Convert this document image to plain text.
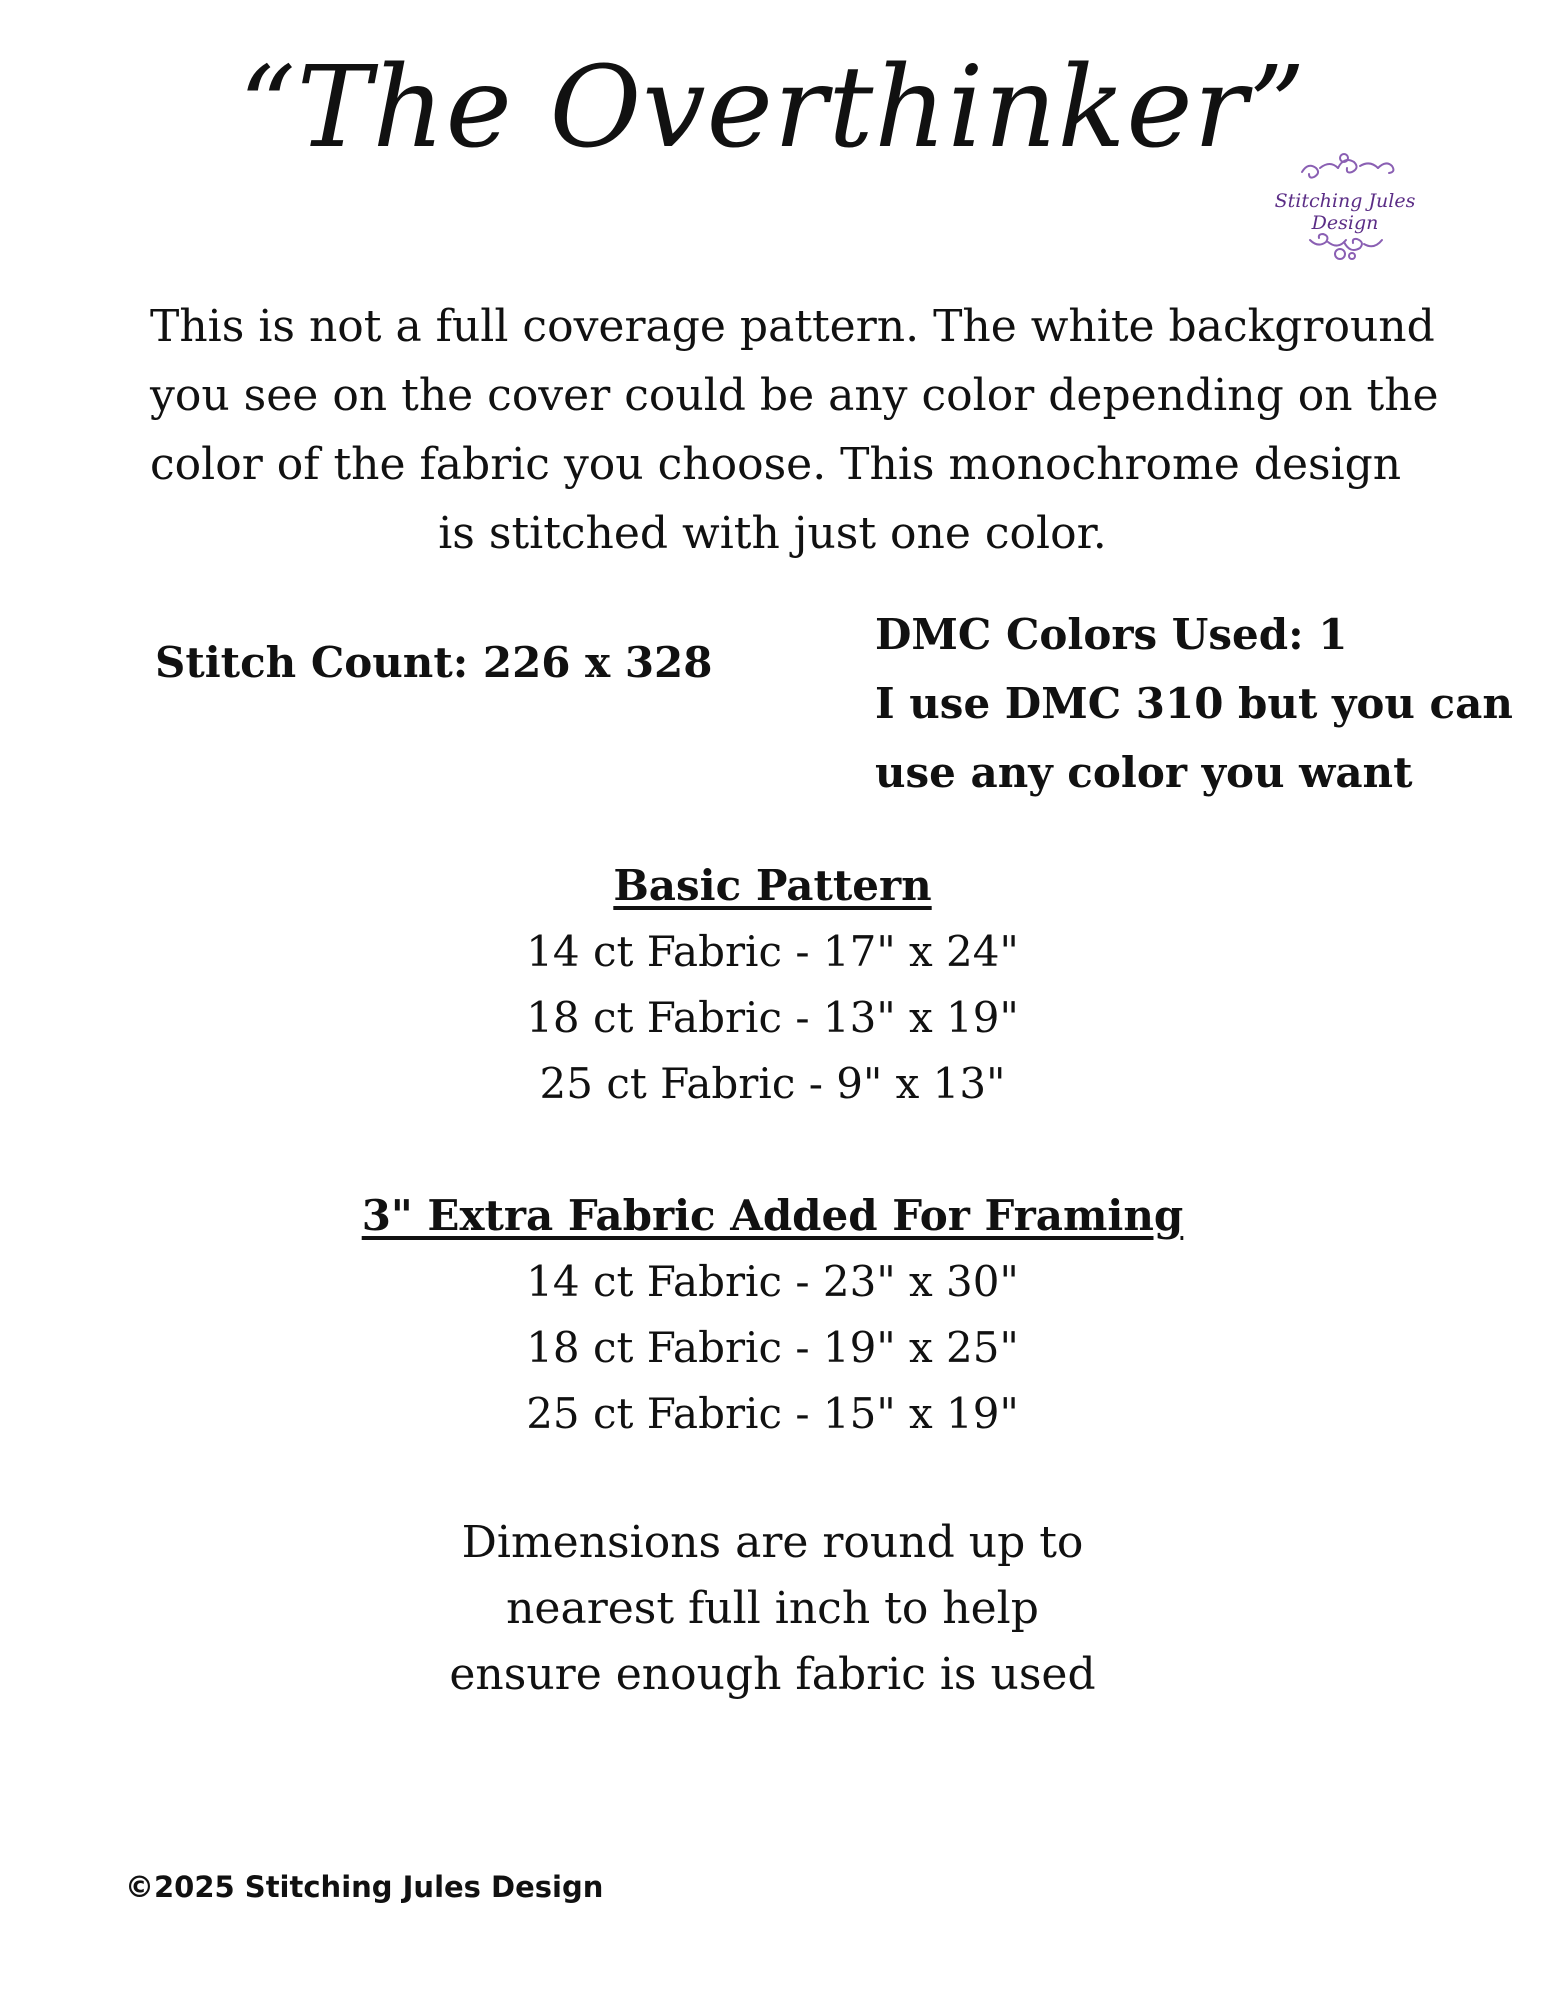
“The Overthinker”
Stitching Jules Design
This is not a full coverage pattern. The white background
you see on the cover could be any color depending on the
color of the fabric you choose. This monochrome design
is stitched with just one color.
Stitch Count: 226 x 328
DMC Colors Used: 1
I use DMC 310 but you can
use any color you want
Basic Pattern
14 ct Fabric - 17" x 24"
18 ct Fabric - 13" x 19"
25 ct Fabric - 9" x 13"
3" Extra Fabric Added For Framing
14 ct Fabric - 23" x 30"
18 ct Fabric - 19" x 25"
25 ct Fabric - 15" x 19"
Dimensions are round up to
nearest full inch to help
ensure enough fabric is used
©2025 Stitching Jules Design
